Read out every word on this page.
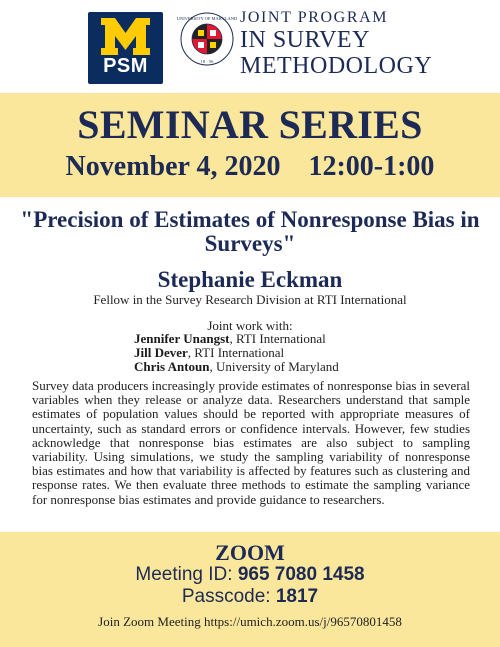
PSM
UNIVERSITY OF MARYLAND
18 · 56
JOINT PROGRAM
IN SURVEY
METHODOLOGY
SEMINAR SERIES
November 4, 2020 12:00-1:00
"Precision of Estimates of Nonresponse Bias in Surveys"
Stephanie Eckman
Fellow in the Survey Research Division at RTI International
Joint work with:
Jennifer Unangst, RTI International
Jill Dever, RTI International
Chris Antoun, University of Maryland
Survey data producers increasingly provide estimates of nonresponse bias in several variables when they release or analyze data. Researchers understand that sample estimates of population values should be reported with appropriate measures of uncertainty, such as standard errors or confidence intervals. However, few studies acknowledge that nonresponse bias estimates are also subject to sampling variability. Using simulations, we study the sampling variability of nonresponse bias estimates and how that variability is affected by features such as clustering and response rates. We then evaluate three methods to estimate the sampling variance for nonresponse bias estimates and provide guidance to researchers.
ZOOM
Meeting ID: 965 7080 1458
Passcode: 1817
Join Zoom Meeting https://umich.zoom.us/j/96570801458
